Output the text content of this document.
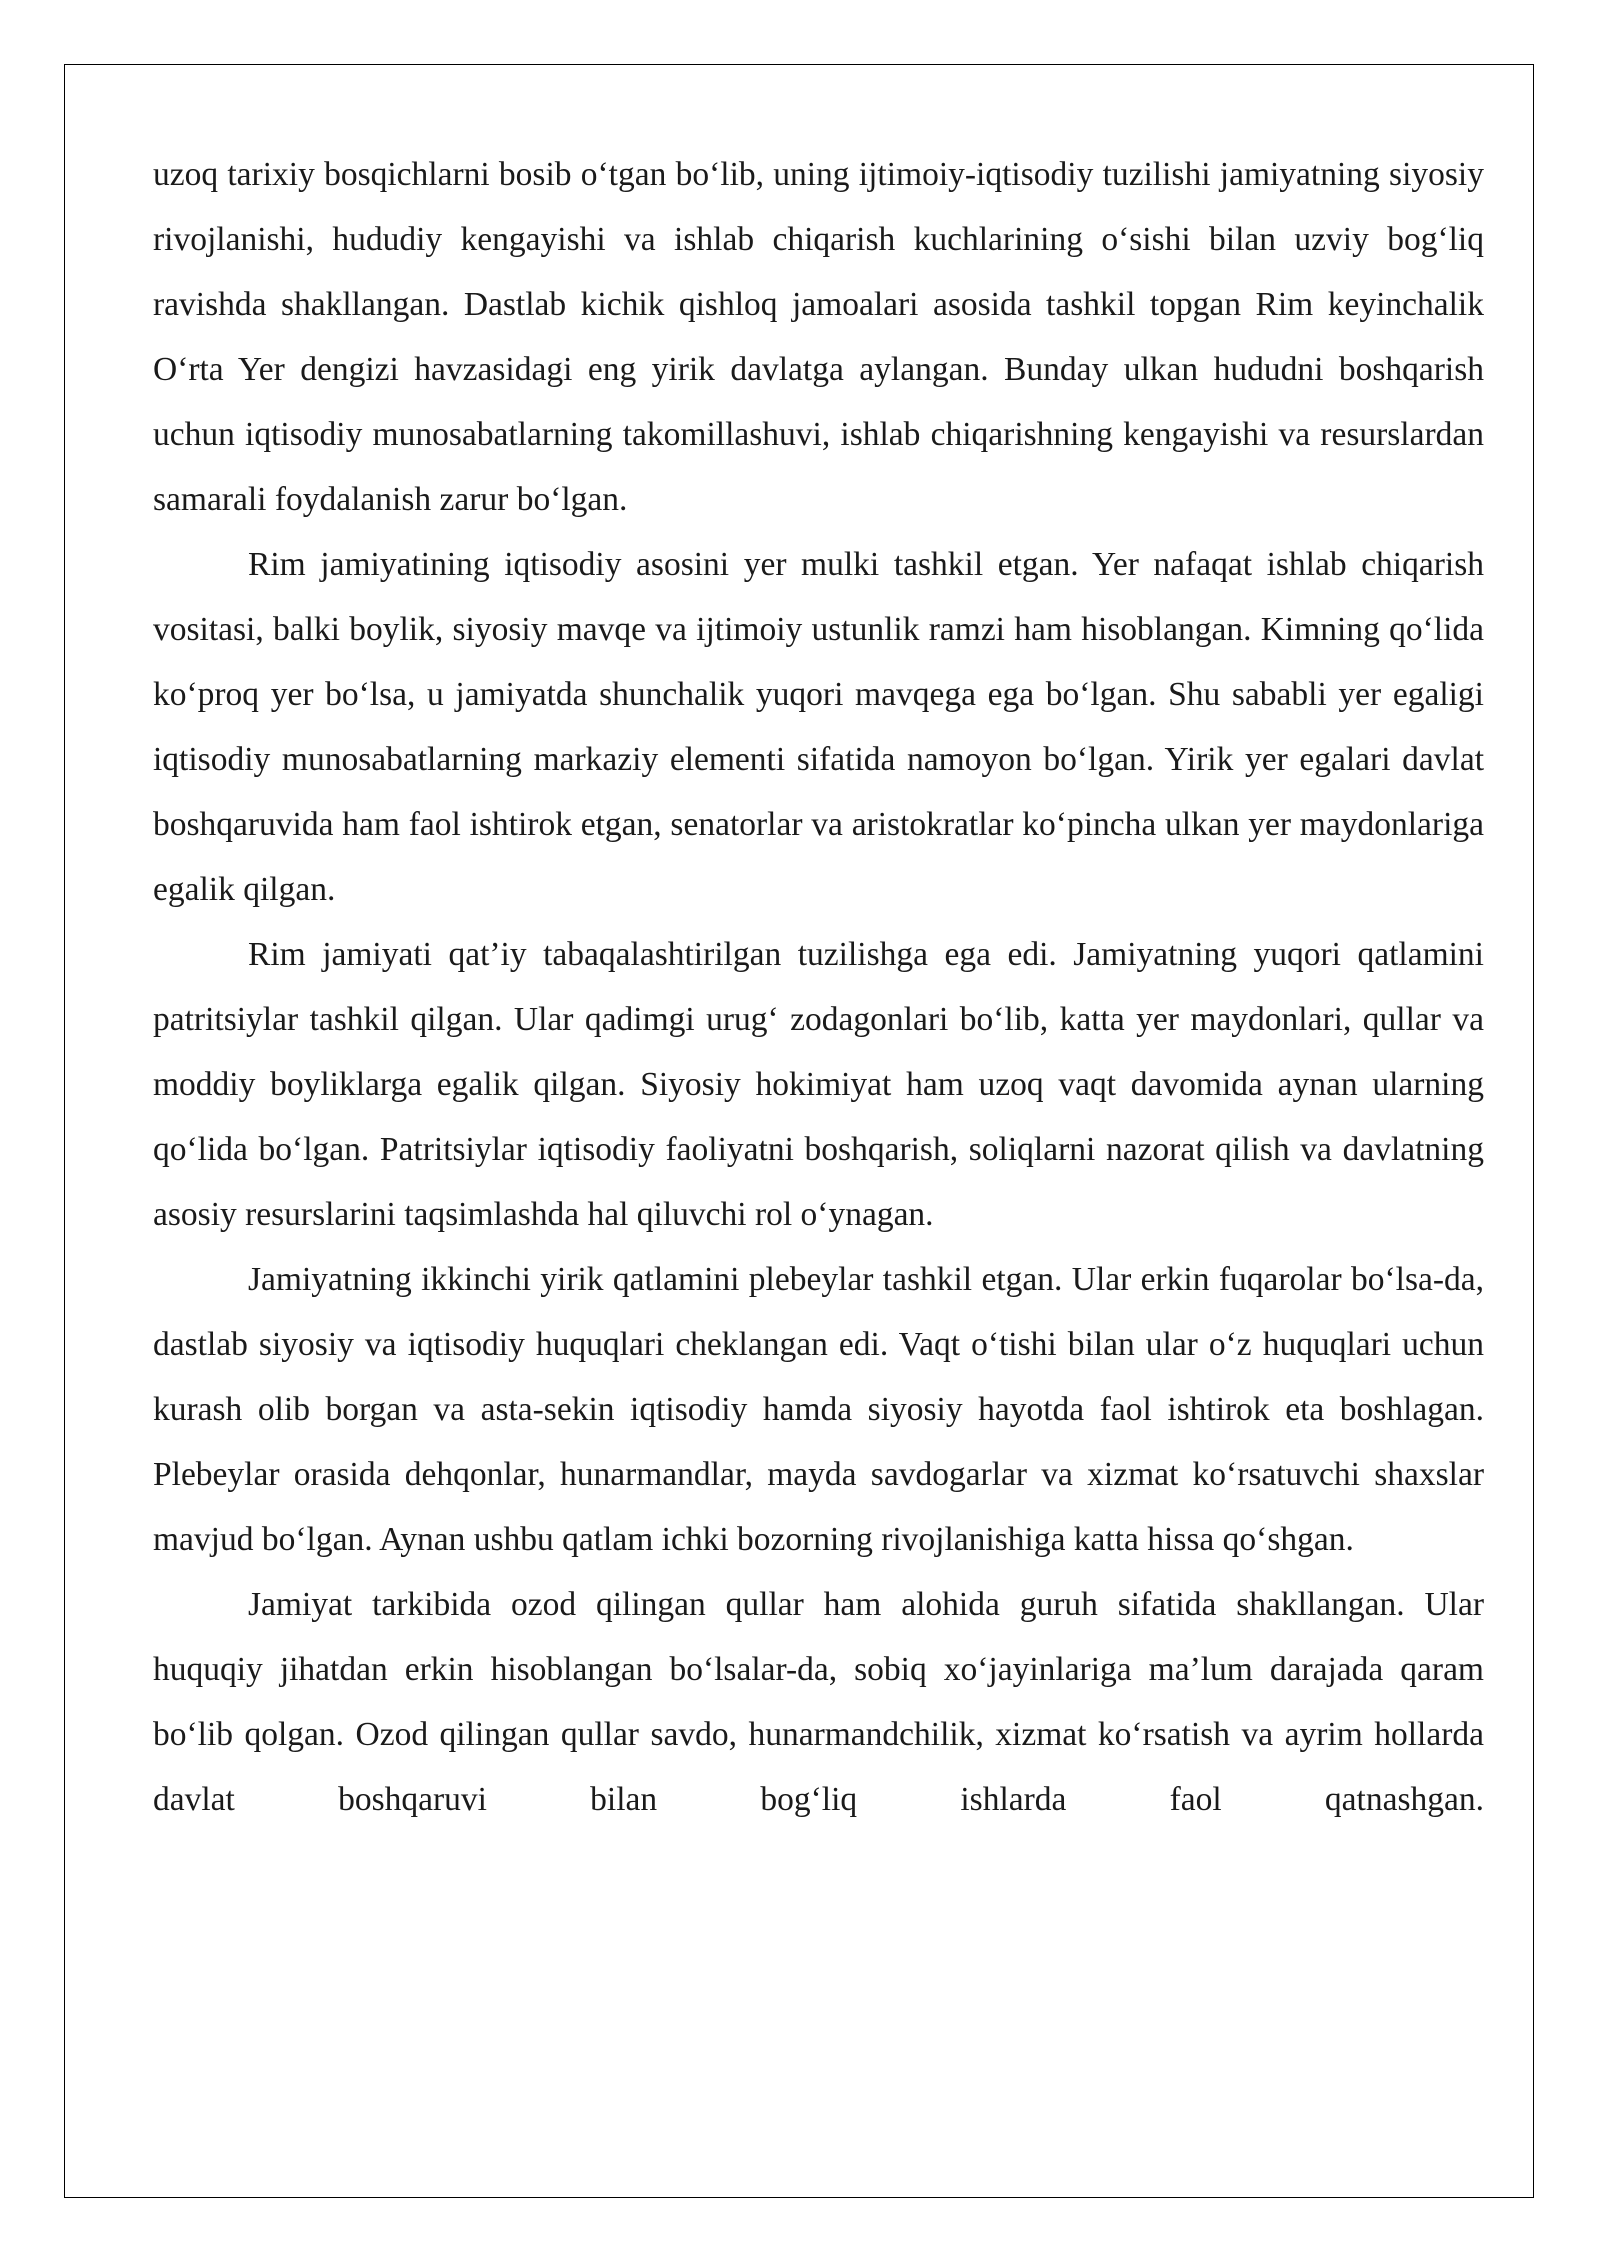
uzoq tarixiy bosqichlarni bosib o‘tgan bo‘lib, uning ijtimoiy-iqtisodiy tuzilishi jamiyatning siyosiy rivojlanishi, hududiy kengayishi va ishlab chiqarish kuchlarining o‘sishi bilan uzviy bog‘liq ravishda shakllangan. Dastlab kichik qishloq jamoalari asosida tashkil topgan Rim keyinchalik O‘rta Yer dengizi havzasidagi eng yirik davlatga aylangan. Bunday ulkan hududni boshqarish uchun iqtisodiy munosabatlarning takomillashuvi, ishlab chiqarishning kengayishi va resurslardan samarali foydalanish zarur bo‘lgan.

Rim jamiyatining iqtisodiy asosini yer mulki tashkil etgan. Yer nafaqat ishlab chiqarish vositasi, balki boylik, siyosiy mavqe va ijtimoiy ustunlik ramzi ham hisoblangan. Kimning qo‘lida ko‘proq yer bo‘lsa, u jamiyatda shunchalik yuqori mavqega ega bo‘lgan. Shu sababli yer egaligi iqtisodiy munosabatlarning markaziy elementi sifatida namoyon bo‘lgan. Yirik yer egalari davlat boshqaruvida ham faol ishtirok etgan, senatorlar va aristokratlar ko‘pincha ulkan yer maydonlariga egalik qilgan.

Rim jamiyati qat’iy tabaqalashtirilgan tuzilishga ega edi. Jamiyatning yuqori qatlamini patritsiylar tashkil qilgan. Ular qadimgi urug‘ zodagonlari bo‘lib, katta yer maydonlari, qullar va moddiy boyliklarga egalik qilgan. Siyosiy hokimiyat ham uzoq vaqt davomida aynan ularning qo‘lida bo‘lgan. Patritsiylar iqtisodiy faoliyatni boshqarish, soliqlarni nazorat qilish va davlatning asosiy resurslarini taqsimlashda hal qiluvchi rol o‘ynagan.

Jamiyatning ikkinchi yirik qatlamini plebeylar tashkil etgan. Ular erkin fuqarolar bo‘lsa-da, dastlab siyosiy va iqtisodiy huquqlari cheklangan edi. Vaqt o‘tishi bilan ular o‘z huquqlari uchun kurash olib borgan va asta-sekin iqtisodiy hamda siyosiy hayotda faol ishtirok eta boshlagan. Plebeylar orasida dehqonlar, hunarmandlar, mayda savdogarlar va xizmat ko‘rsatuvchi shaxslar mavjud bo‘lgan. Aynan ushbu qatlam ichki bozorning rivojlanishiga katta hissa qo‘shgan.

Jamiyat tarkibida ozod qilingan qullar ham alohida guruh sifatida shakllangan. Ular huquqiy jihatdan erkin hisoblangan bo‘lsalar-da, sobiq xo‘jayinlariga ma’lum darajada qaram bo‘lib qolgan. Ozod qilingan qullar savdo, hunarmandchilik, xizmat ko‘rsatish va ayrim hollarda davlat boshqaruvi bilan bog‘liq ishlarda faol qatnashgan.
